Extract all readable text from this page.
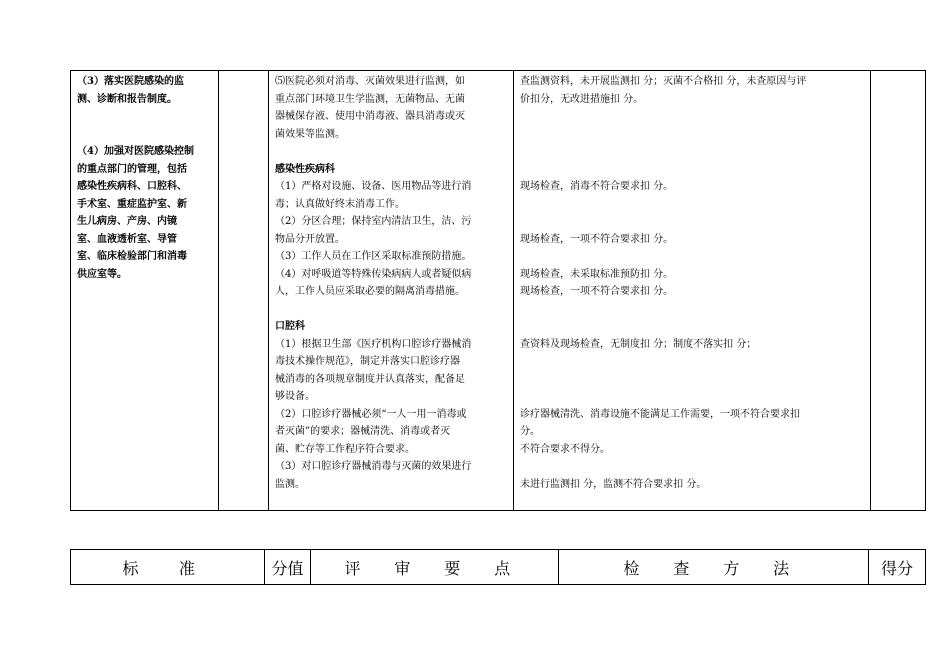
（3）落实医院感染的监
测、诊断和报告制度。
（4）加强对医院感染控制
的重点部门的管理，包括
感染性疾病科、口腔科、
手术室、重症监护室、新
生儿病房、产房、内镜
室、血液透析室、导管
室、临床检验部门和消毒
供应室等。

⑸医院必须对消毒、灭菌效果进行监测，如
重点部门环境卫生学监测，无菌物品、无菌
器械保存液、使用中消毒液、器具消毒或灭
菌效果等监测。
感染性疾病科
（1）严格对设施、设备、医用物品等进行消
毒；认真做好终末消毒工作。
（2）分区合理；保持室内清洁卫生，洁、污
物品分开放置。
（3）工作人员在工作区采取标准预防措施。
（4）对呼吸道等特殊传染病病人或者疑似病
人，工作人员应采取必要的隔离消毒措施。
口腔科
（1）根据卫生部《医疗机构口腔诊疗器械消
毒技术操作规范》，制定并落实口腔诊疗器
械消毒的各项规章制度并认真落实，配备足
够设备。
（2）口腔诊疗器械必须“一人一用一消毒或
者灭菌”的要求；器械清洗、消毒或者灭
菌、贮存等工作程序符合要求。
（3）对口腔诊疗器械消毒与灭菌的效果进行
监测。

查监测资料，未开展监测扣 分；灭菌不合格扣 分，未查原因与评
价扣分，无改进措施扣 分。
现场检查，消毒不符合要求扣 分。
现场检查，一项不符合要求扣 分。
现场检查，未采取标准预防扣 分。
现场检查，一项不符合要求扣 分。
查资料及现场检查，无制度扣 分；制度不落实扣 分；
诊疗器械清洗、消毒设施不能满足工作需要，一项不符合要求扣
分。
不符合要求不得分。
未进行监测扣 分，监测不符合要求扣 分。

标 准	分值	评 审 要 点	检 查 方 法	得分
